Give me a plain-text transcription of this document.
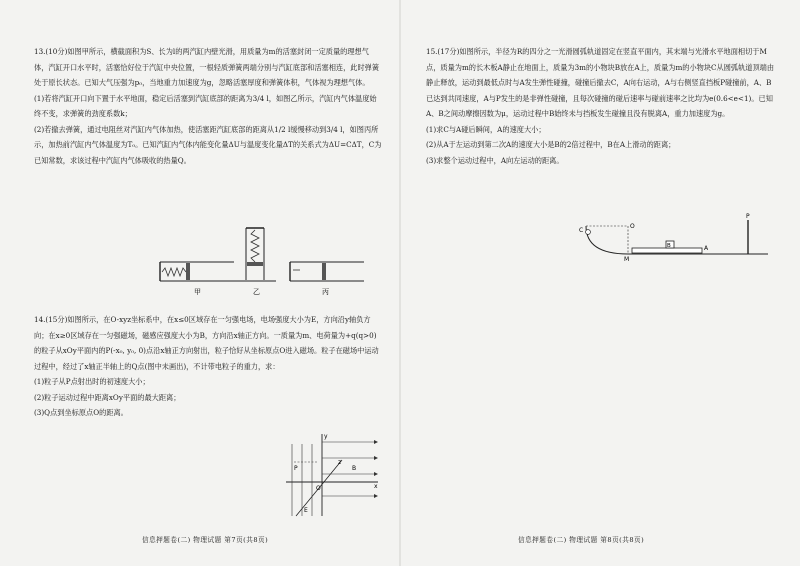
13.(10分)如图甲所示，横截面积为S、长为l的两汽缸内壁光滑，用质量为m的活塞封闭一定质量的理想气体，汽缸开口水平时，活塞恰好位于汽缸中央位置，一根轻质弹簧两端分别与汽缸底部和活塞相连，此时弹簧处于原长状态。已知大气压强为p₀，当地重力加速度为g，忽略活塞厚度和弹簧体积，气体视为理想气体。

(1)若将汽缸开口向下置于水平地面，稳定后活塞到汽缸底部的距离为3/4 l，如图乙所示，汽缸内气体温度始终不变，求弹簧的劲度系数k；

(2)若撤去弹簧，通过电阻丝对汽缸内气体加热，使活塞距汽缸底部的距离从1/2 l缓慢移动到3/4 l，如图丙所示，加热前汽缸内气体温度为T₀。已知汽缸内气体内能变化量ΔU与温度变化量ΔT的关系式为ΔU=CΔT，C为已知常数，求该过程中汽缸内气体吸收的热量Q。

甲	乙	丙

14.(15分)如图所示，在O-xyz坐标系中，在x≤0区域存在一匀强电场，电场强度大小为E，方向沿y轴负方向；在x≥0区域存在一匀强磁场，磁感应强度大小为B，方向沿x轴正方向。一质量为m、电荷量为+q(q>0)的粒子从xOy平面内的P(-x₀, y₀, 0)点沿x轴正方向射出，粒子恰好从坐标原点O进入磁场。粒子在磁场中运动过程中，经过了x轴正半轴上的Q点(图中未画出)，不计带电粒子的重力，求：

(1)粒子从P点射出时的初速度大小；

(2)粒子运动过程中距离xOy平面的最大距离；

(3)Q点到坐标原点O的距离。

y
x
z
P
O
E
B
信息押题卷(二) 物理试题 第7页(共8页)

15.(17分)如图所示，半径为R的四分之一光滑圆弧轨道固定在竖直平面内，其末端与光滑水平地面相切于M点，质量为m的长木板A静止在地面上，质量为3m的小物块B放在A上，质量为m的小物块C从圆弧轨道顶端由静止释放，运动到最低点时与A发生弹性碰撞，碰撞后撤去C，A向右运动，A与右侧竖直挡板P碰撞前，A、B已达到共同速度，A与P发生的是非弹性碰撞，且每次碰撞的碰后速率与碰前速率之比均为e(0.6<e<1)。已知A、B之间动摩擦因数为μ，运动过程中B始终未与挡板发生碰撞且没有脱离A，重力加速度为g。

(1)求C与A碰后瞬间，A的速度大小；

(2)从A于左运动到第二次A的速度大小是B的2倍过程中，B在A上滑动的距离；

(3)求整个运动过程中，A向左运动的距离。

O
C
B	A
M
P
信息押题卷(二) 物理试题 第8页(共8页)
